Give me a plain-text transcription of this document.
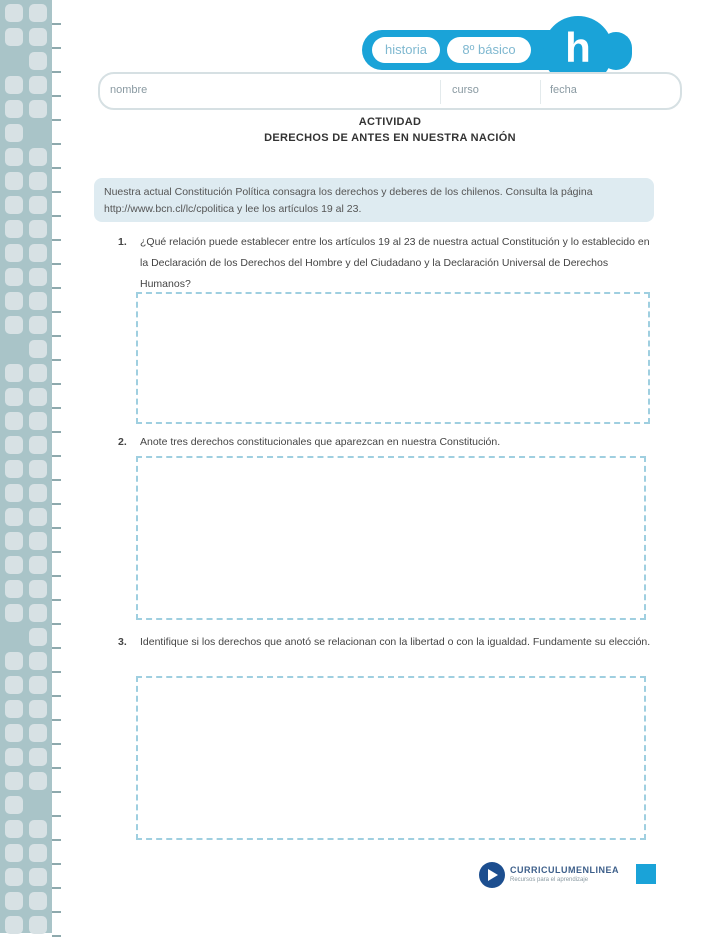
historia	8º básico	h
nombre	curso	fecha
ACTIVIDAD
DERECHOS DE ANTES EN NUESTRA NACIÓN
Nuestra actual Constitución Política consagra los derechos y deberes de los chilenos. Consulta la página http://www.bcn.cl/lc/cpolitica y lee los artículos 19 al 23.
1. ¿Qué relación puede establecer entre los artículos 19 al 23 de nuestra actual Constitución y lo establecido en la Declaración de los Derechos del Hombre y del Ciudadano y la Declaración Universal de Derechos Humanos?
2. Anote tres derechos constitucionales que aparezcan en nuestra Constitución.
3. Identifique si los derechos que anotó se relacionan con la libertad o con la igualdad. Fundamente su elección.
CURRICULUMENLINEA
Recursos para el aprendizaje
